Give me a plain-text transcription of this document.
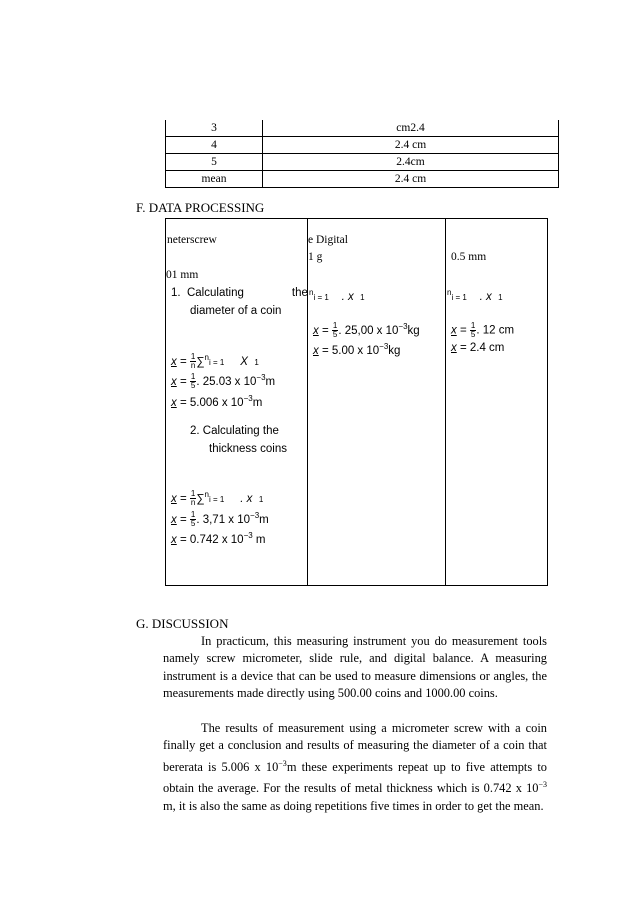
3	cm2.4
4	2.4 cm
5	2.4cm
mean	2.4 cm
F. DATA PROCESSING
neterscrew
01 mm
1. Calculating	the
diameter of a coin
$x = \frac{1}{n} \sum^ni = 1$ X 1
$x = \frac{1}{5}$ . 25.03 x $10^{-3}m$
x = 5.006 x $10^{-3}m$
2. Calculating the
thickness coins
$x = \frac{1}{n} \sum^ni = 1$ . x 1
$x = \frac{1}{5}$ . 3,71 x $10^{-3}m$
x = 0.742 x $10^{-3}$ m
e Digital
1 g
$^n$i = 1 . x 1
$x = \frac{1}{5}$ . 25,00 x $10^{-3}kg$
x = 5.00 x $10^{-3}kg$
0.5 mm
$^n$i = 1 . x 1
$x = \frac{1}{5}$ . 12 cm
x = 2.4 cm
G. DISCUSSION
In practicum, this measuring instrument you do measurement tools namely screw micrometer, slide rule, and digital balance. A measuring instrument is a device that can be used to measure dimensions or angles, the measurements made directly using 500.00 coins and 1000.00 coins.
The results of measurement using a micrometer screw with a coin finally get a conclusion and results of measuring the diameter of a coin that bererata is 5.006 x $10^{-3}m$ these experiments repeat up to five attempts to obtain the average. For the results of metal thickness which is 0.742 x $10^{-3}$ m, it is also the same as doing repetitions five times in order to get the mean.
